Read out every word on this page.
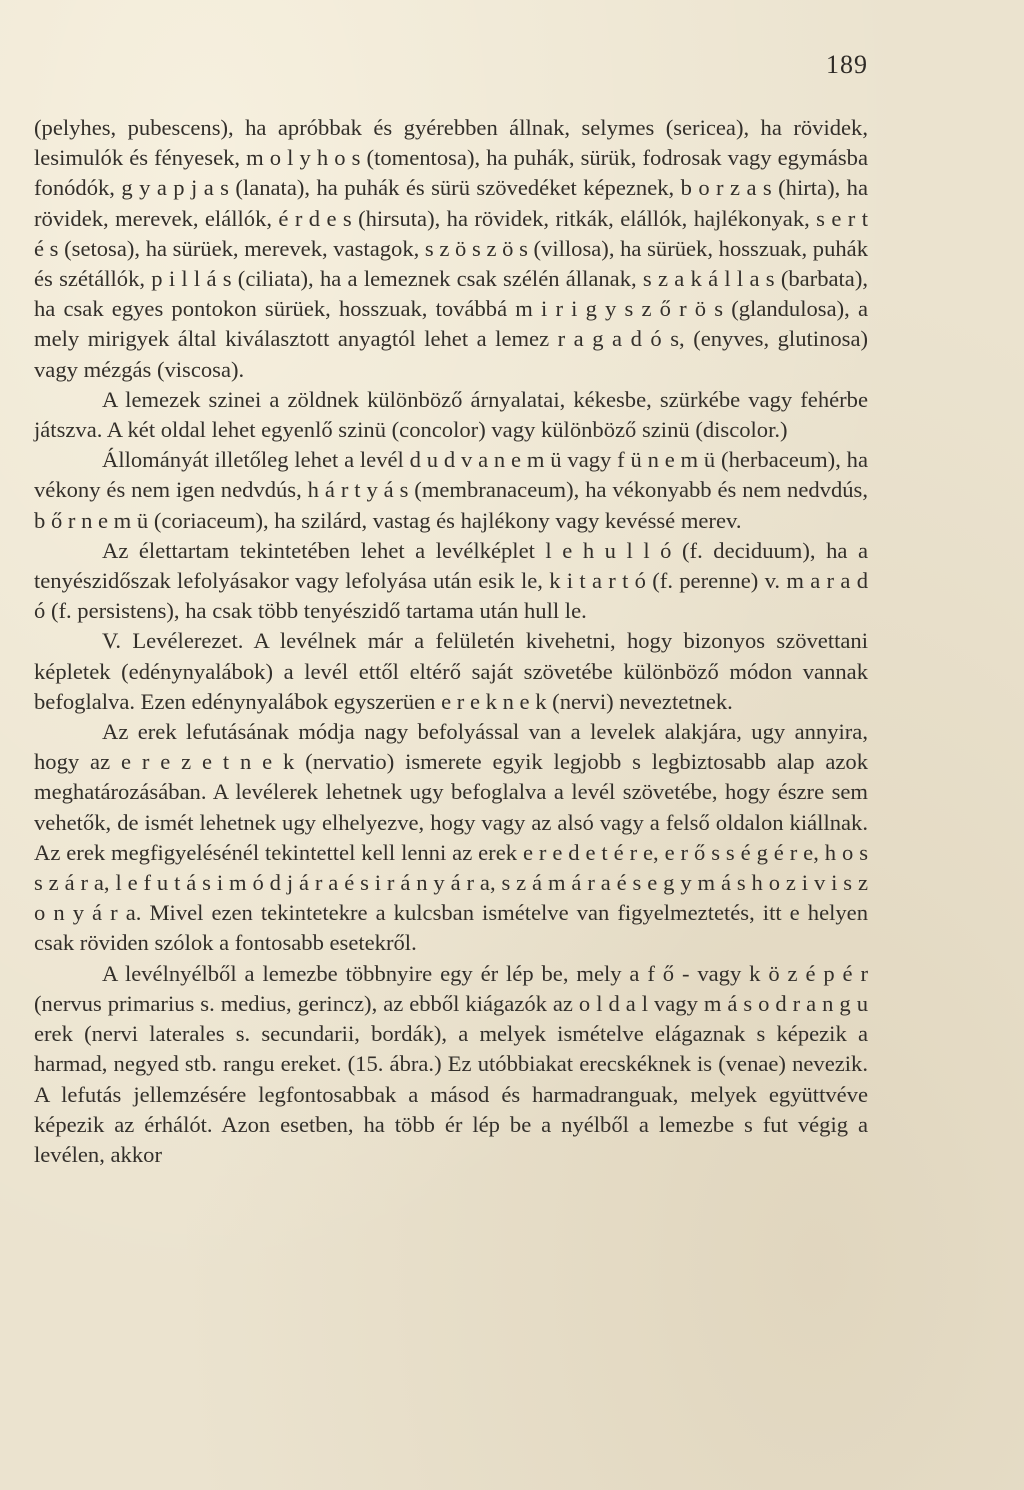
189

(pelyhes, pubescens), ha apróbbak és gyérebben állnak, selymes (sericea), ha rövidek, lesimulók és fényesek, m o l y h o s (tomentosa), ha puhák, sürük, fodrosak vagy egymásba fonódók, g y a p j a s (lanata), ha puhák és sürü szövedéket képeznek, b o r z a s (hirta), ha rövidek, merevek, elállók, é r d e s (hirsuta), ha rövidek, ritkák, elállók, hajlékonyak, s e r t é s (setosa), ha sürüek, merevek, vastagok, s z ö s z ö s (villosa), ha sürüek, hosszuak, puhák és szétállók, p i l l á s (ciliata), ha a lemeznek csak szélén állanak, s z a k á l l a s (barbata), ha csak egyes pontokon sürüek, hosszuak, továbbá m i r i g y s z ő r ö s (glandulosa), a mely mirigyek által kiválasztott anyagtól lehet a lemez r a g a d ó s, (enyves, glutinosa) vagy mézgás (viscosa).

A lemezek szinei a zöldnek különböző árnyalatai, kékesbe, szürkébe vagy fehérbe játszva. A két oldal lehet egyenlő szinü (concolor) vagy különböző szinü (discolor.)

Állományát illetőleg lehet a levél d u d v a n e m ü vagy f ü n e m ü (herbaceum), ha vékony és nem igen nedvdús, h á r t y á s (membranaceum), ha vékonyabb és nem nedvdús, b ő r n e m ü (coriaceum), ha szilárd, vastag és hajlékony vagy kevéssé merev.

Az élettartam tekintetében lehet a levélképlet l e h u l l ó (f. deciduum), ha a tenyészidőszak lefolyásakor vagy lefolyása után esik le, k i t a r t ó (f. perenne) v. m a r a d ó (f. persistens), ha csak több tenyészidő tartama után hull le.

V. Levélerezet. A levélnek már a felületén kivehetni, hogy bizonyos szövettani képletek (edénynyalábok) a levél ettől eltérő saját szövetébe különböző módon vannak befoglalva. Ezen edénynyalábok egyszerüen e r e k n e k (nervi) neveztetnek.

Az erek lefutásának módja nagy befolyással van a levelek alakjára, ugy annyira, hogy az e r e z e t n e k (nervatio) ismerete egyik legjobb s legbiztosabb alap azok meghatározásában. A levélerek lehetnek ugy befoglalva a levél szövetébe, hogy észre sem vehetők, de ismét lehetnek ugy elhelyezve, hogy vagy az alsó vagy a felső oldalon kiállnak. Az erek megfigyelésénél tekintettel kell lenni az erek e r e d e t é r e, e r ő s s é g é r e, h o s s z á r a, l e f u t á s i m ó d j á r a é s i r á n y á r a, s z á m á r a é s e g y m á s h o z i v i s z o n y á r a. Mivel ezen tekintetekre a kulcsban ismételve van figyelmeztetés, itt e helyen csak röviden szólok a fontosabb esetekről.

A levélnyélből a lemezbe többnyire egy ér lép be, mely a f ő - vagy k ö z é p é r (nervus primarius s. medius, gerincz), az ebből kiágazók az o l d a l vagy m á s o d r a n g u erek (nervi laterales s. secundarii, bordák), a melyek ismételve elágaznak s képezik a harmad, negyed stb. rangu ereket. (15. ábra.) Ez utóbbiakat erecskéknek is (venae) nevezik. A lefutás jellemzésére legfontosabbak a másod és harmadranguak, melyek együttvéve képezik az érhálót. Azon esetben, ha több ér lép be a nyélből a lemezbe s fut végig a levélen, akkor
